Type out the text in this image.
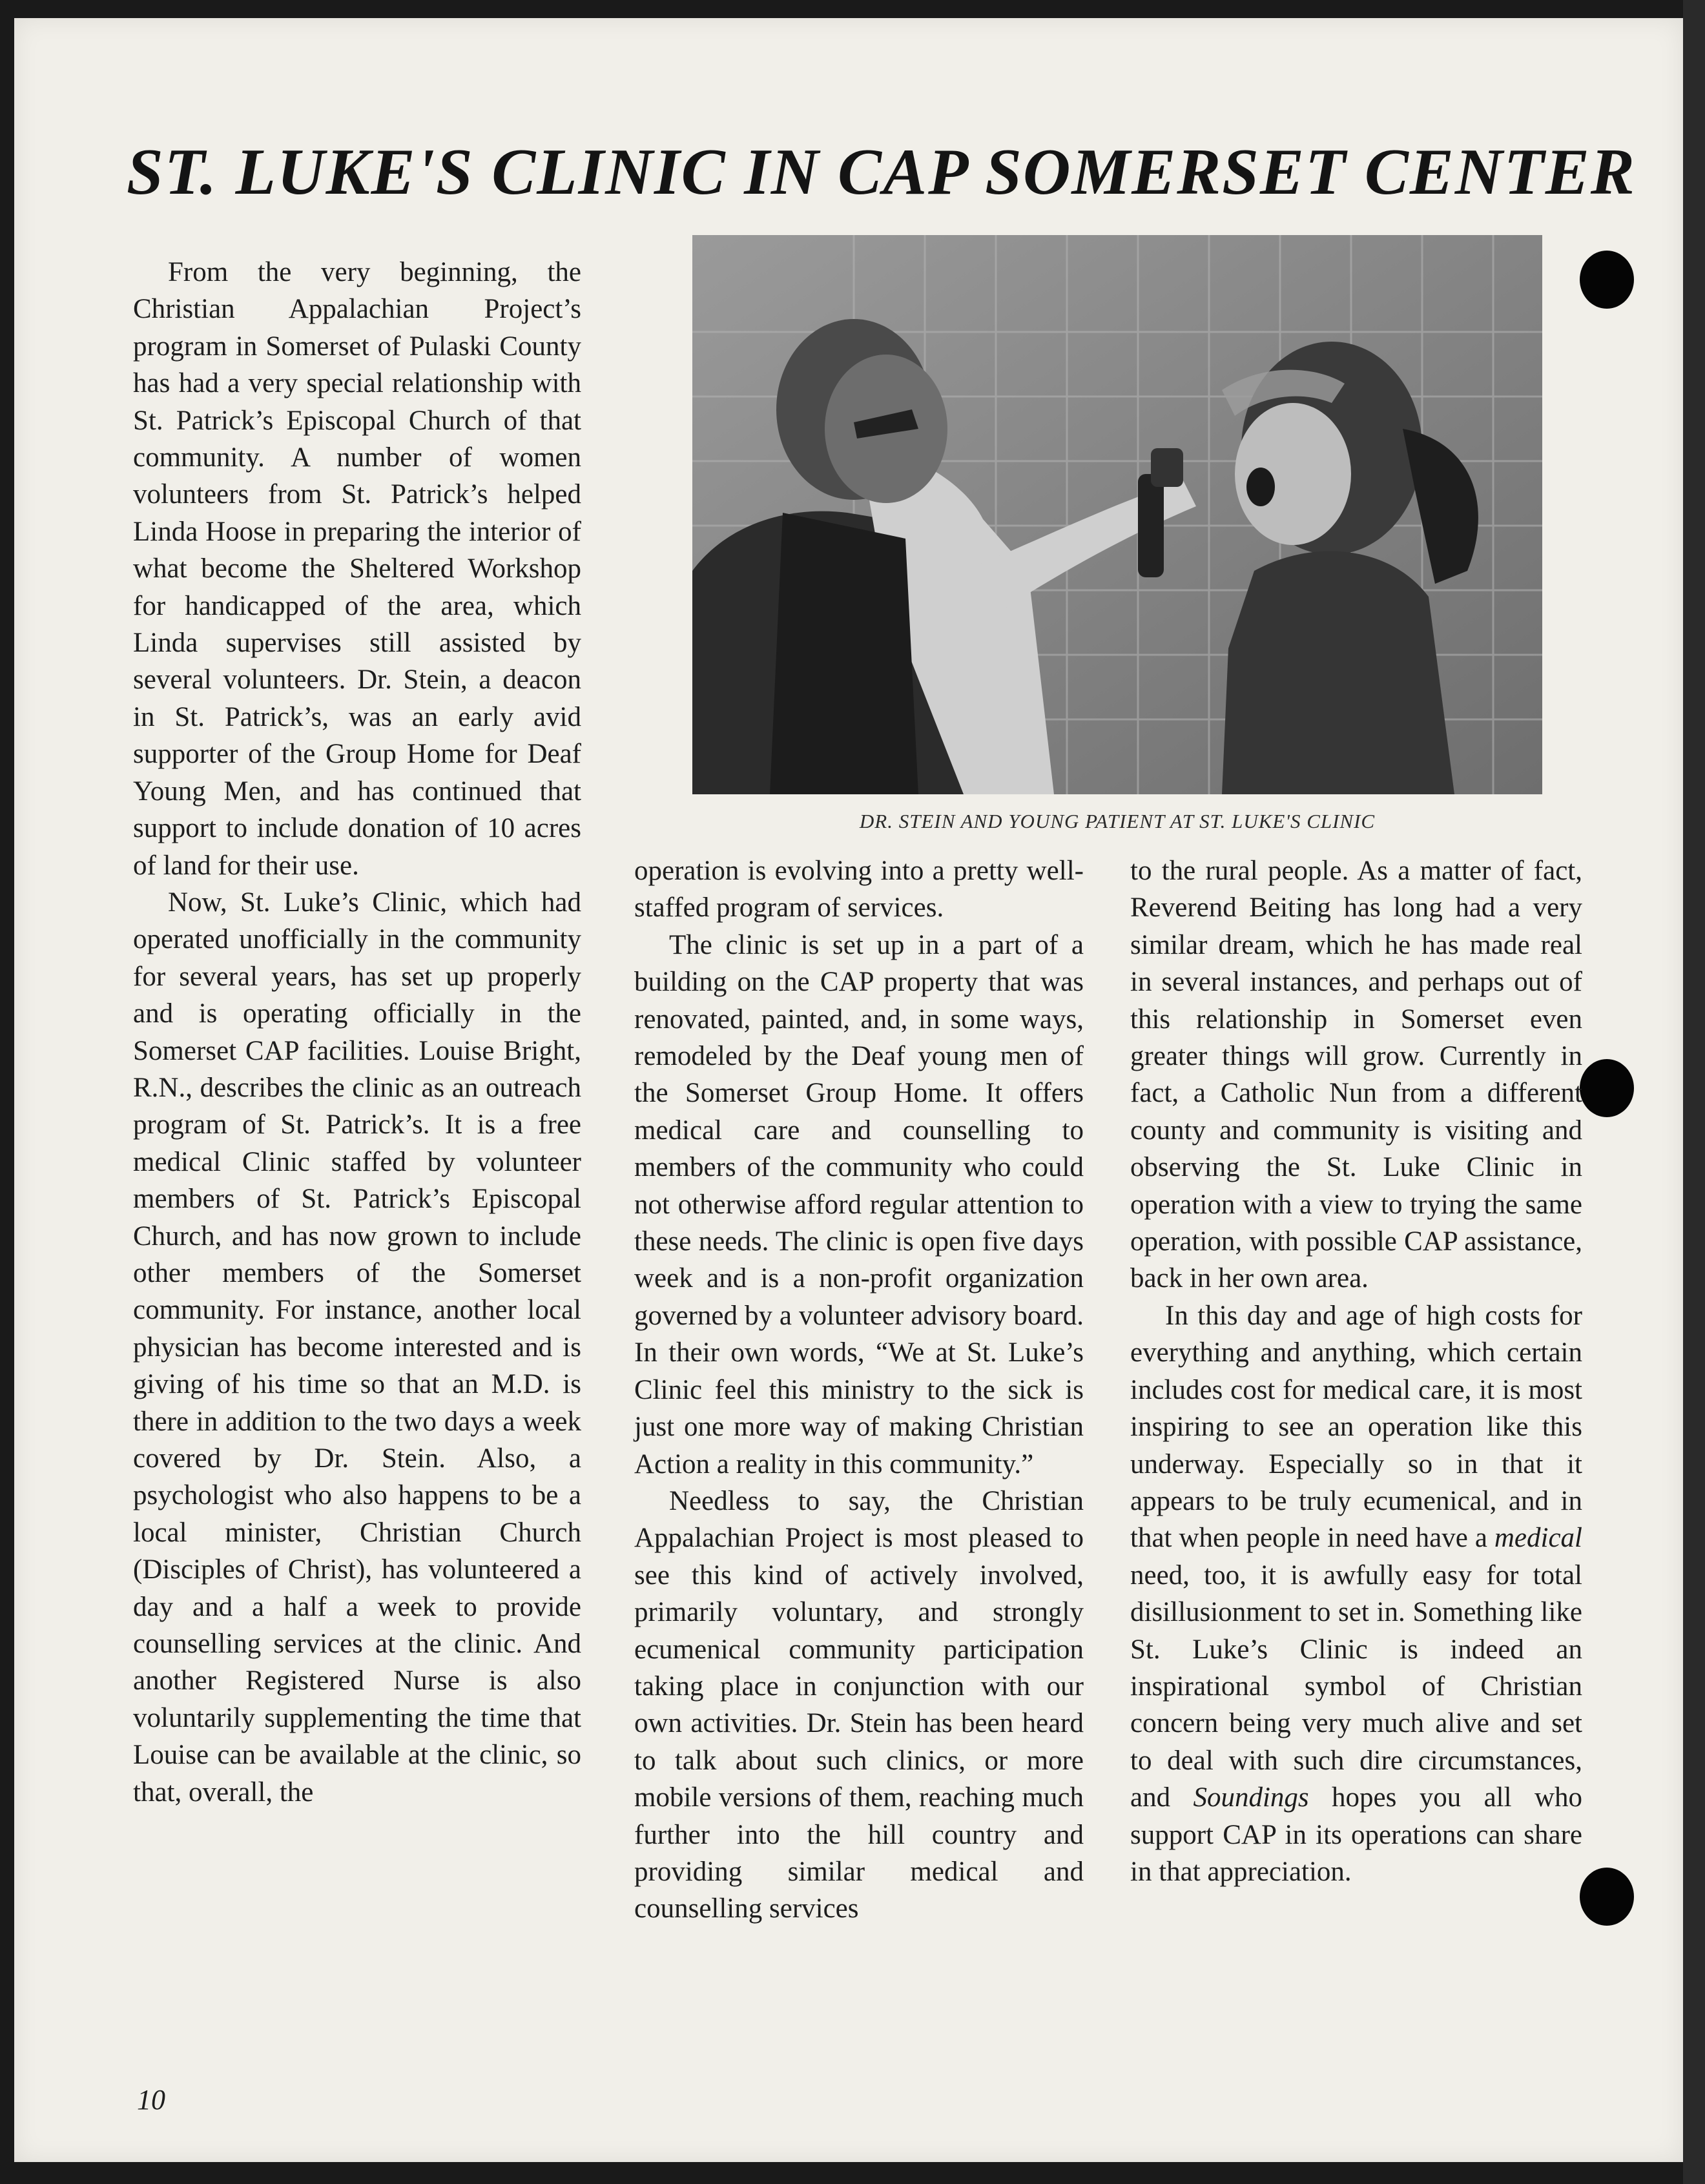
ST. LUKE'S CLINIC IN CAP SOMERSET CENTER

From the very beginning, the Christian Appalachian Project’s program in Somerset of Pulaski County has had a very special relationship with St. Patrick’s Episcopal Church of that community. A number of women volunteers from St. Patrick’s helped Linda Hoose in preparing the interior of what become the Sheltered Workshop for handicapped of the area, which Linda supervises still assisted by several volunteers. Dr. Stein, a deacon in St. Patrick’s, was an early avid supporter of the Group Home for Deaf Young Men, and has continued that support to include donation of 10 acres of land for their use.

Now, St. Luke’s Clinic, which had operated unofficially in the community for several years, has set up properly and is operating officially in the Somerset CAP facilities. Louise Bright, R.N., describes the clinic as an outreach program of St. Patrick’s. It is a free medical Clinic staffed by volunteer members of St. Patrick’s Episcopal Church, and has now grown to include other members of the Somerset community. For instance, another local physician has become interested and is giving of his time so that an M.D. is there in addition to the two days a week covered by Dr. Stein. Also, a psychologist who also happens to be a local minister, Christian Church (Disciples of Christ), has volunteered a day and a half a week to provide counselling services at the clinic. And another Registered Nurse is also voluntarily supplementing the time that Louise can be available at the clinic, so that, overall, the

DR. STEIN AND YOUNG PATIENT AT ST. LUKE'S CLINIC

operation is evolving into a pretty well-staffed program of services.

The clinic is set up in a part of a building on the CAP property that was renovated, painted, and, in some ways, remodeled by the Deaf young men of the Somerset Group Home. It offers medical care and counselling to members of the community who could not otherwise afford regular attention to these needs. The clinic is open five days week and is a non-profit organization governed by a volunteer advisory board. In their own words, “We at St. Luke’s Clinic feel this ministry to the sick is just one more way of making Christian Action a reality in this community.”

Needless to say, the Christian Appalachian Project is most pleased to see this kind of actively involved, primarily voluntary, and strongly ecumenical community participation taking place in conjunction with our own activities. Dr. Stein has been heard to talk about such clinics, or more mobile versions of them, reaching much further into the hill country and providing similar medical and counselling services

to the rural people. As a matter of fact, Reverend Beiting has long had a very similar dream, which he has made real in several instances, and perhaps out of this relationship in Somerset even greater things will grow. Currently in fact, a Catholic Nun from a different county and community is visiting and observing the St. Luke Clinic in operation with a view to trying the same operation, with possible CAP assistance, back in her own area.

In this day and age of high costs for everything and anything, which certain includes cost for medical care, it is most inspiring to see an operation like this underway. Especially so in that it appears to be truly ecumenical, and in that when people in need have a medical need, too, it is awfully easy for total disillusionment to set in. Something like St. Luke’s Clinic is indeed an inspirational symbol of Christian concern being very much alive and set to deal with such dire circumstances, and Soundings hopes you all who support CAP in its operations can share in that appreciation.

10
